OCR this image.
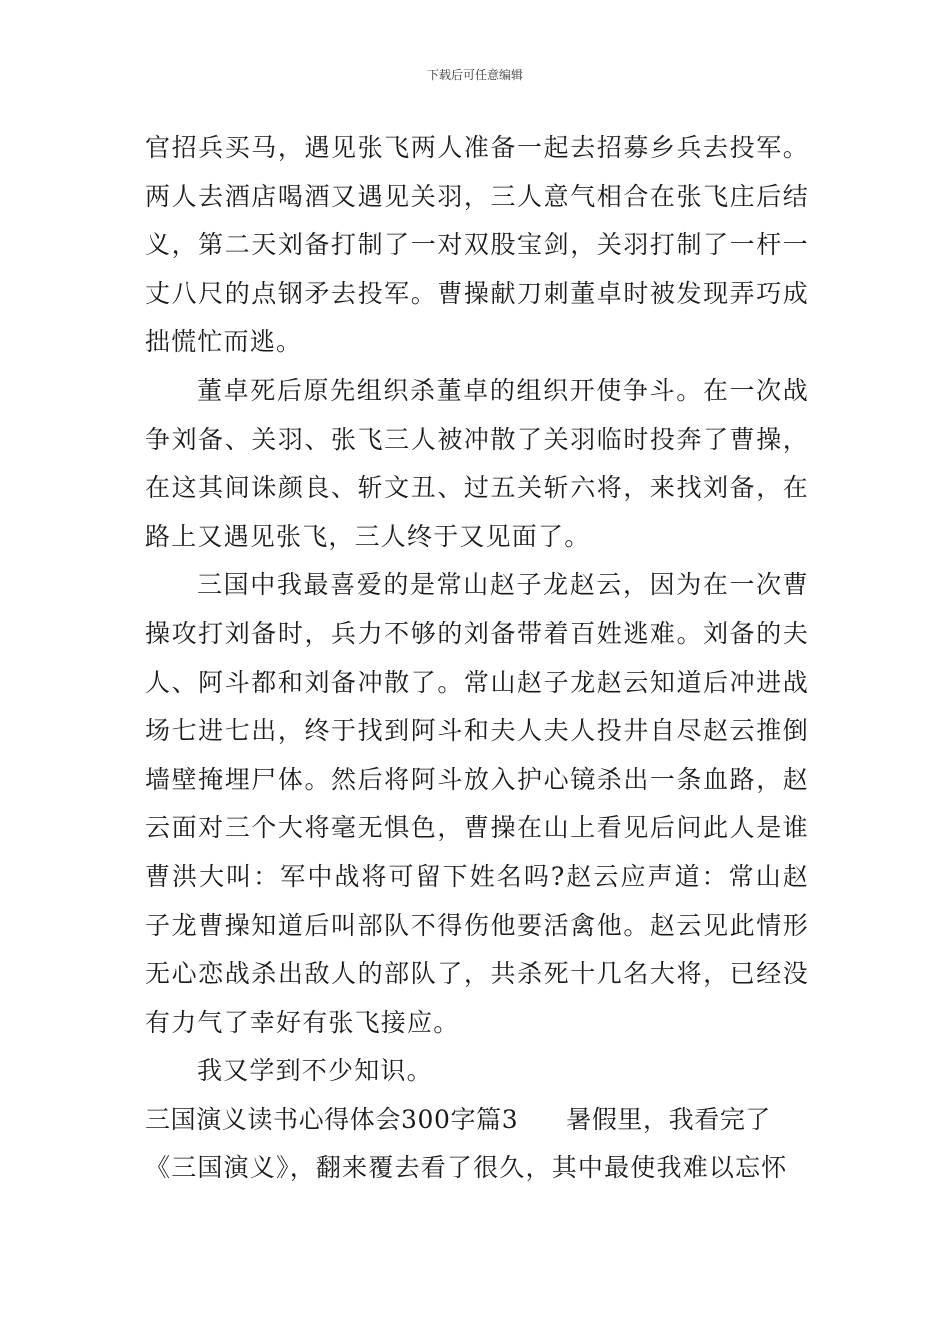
下载后可任意编辑

官招兵买马，遇见张飞两人准备一起去招募乡兵去投军。两人去酒店喝酒又遇见关羽，三人意气相合在张飞庄后结义，第二天刘备打制了一对双股宝剑，关羽打制了一杆一丈八尺的点钢矛去投军。曹操献刀刺董卓时被发现弄巧成拙慌忙而逃。

董卓死后原先组织杀董卓的组织开使争斗。在一次战争刘备、关羽、张飞三人被冲散了关羽临时投奔了曹操，在这其间诛颜良、斩文丑、过五关斩六将，来找刘备，在路上又遇见张飞，三人终于又见面了。

三国中我最喜爱的是常山赵子龙赵云，因为在一次曹操攻打刘备时，兵力不够的刘备带着百姓逃难。刘备的夫人、阿斗都和刘备冲散了。常山赵子龙赵云知道后冲进战场七进七出，终于找到阿斗和夫人夫人投井自尽赵云推倒墙壁掩埋尸体。然后将阿斗放入护心镜杀出一条血路，赵云面对三个大将毫无惧色，曹操在山上看见后问此人是谁曹洪大叫：军中战将可留下姓名吗?赵云应声道：常山赵子龙曹操知道后叫部队不得伤他要活禽他。赵云见此情形无心恋战杀出敌人的部队了，共杀死十几名大将，已经没有力气了幸好有张飞接应。

我又学到不少知识。

三国演义读书心得体会300字篇3 暑假里，我看完了

《三国演义》，翻来覆去看了很久，其中最使我难以忘怀
